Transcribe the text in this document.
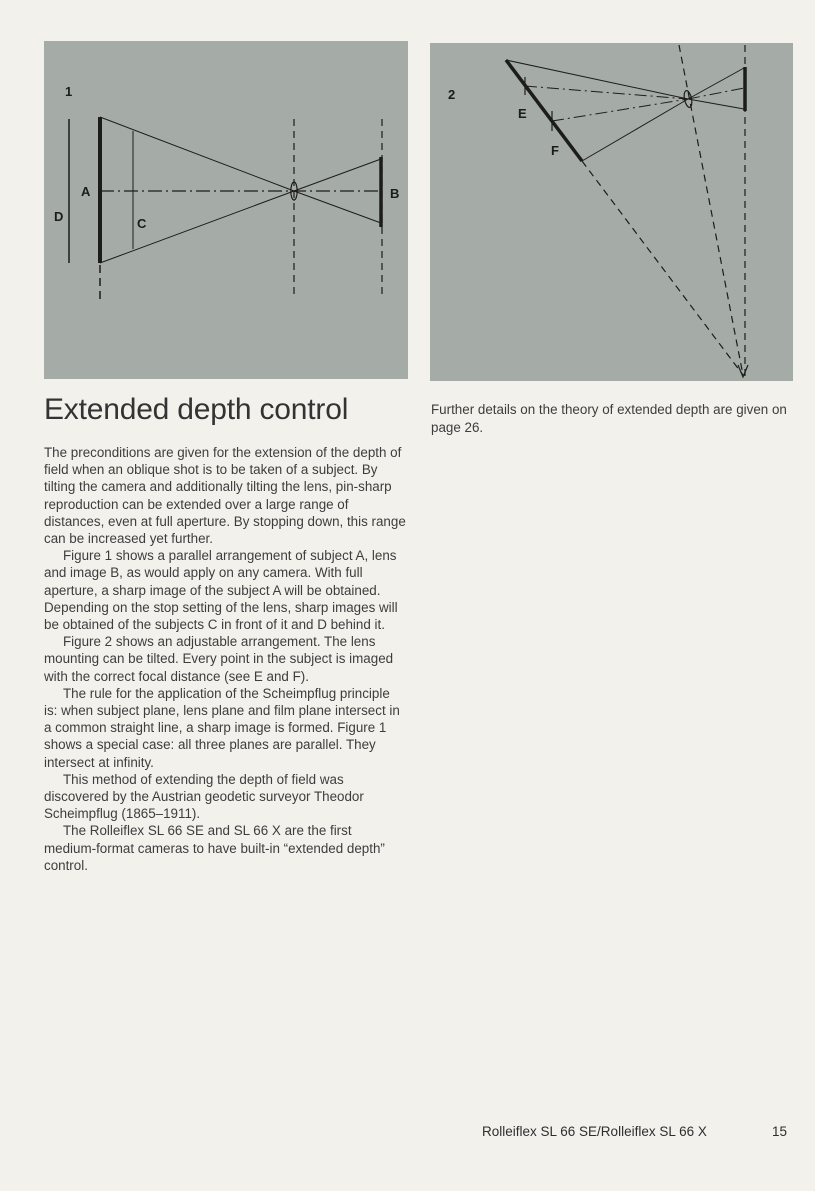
1
A	B
C
D
2
E
F
Extended depth control

The preconditions are given for the extension of the depth of field when an oblique shot is to be taken of a subject. By tilting the camera and additionally tilting the lens, pin-sharp reproduction can be extended over a large range of distances, even at full aperture. By stopping down, this range can be increased yet further.

Figure 1 shows a parallel arrangement of subject A, lens and image B, as would apply on any camera. With full aperture, a sharp image of the subject A will be obtained. Depending on the stop setting of the lens, sharp images will be obtained of the subjects C in front of it and D behind it.

Figure 2 shows an adjustable arrangement. The lens mounting can be tilted. Every point in the subject is imaged with the correct focal distance (see E and F).

The rule for the application of the Scheimpflug principle is: when subject plane, lens plane and film plane intersect in a common straight line, a sharp image is formed. Figure 1 shows a special case: all three planes are parallel. They intersect at infinity.

This method of extending the depth of field was discovered by the Austrian geodetic surveyor Theodor Scheimpflug (1865–1911).

The Rolleiflex SL 66 SE and SL 66 X are the first medium-format cameras to have built-in “extended depth” control.

Further details on the theory of extended depth are given on page 26.

Rolleiflex SL 66 SE/Rolleiflex SL 66 X	15
